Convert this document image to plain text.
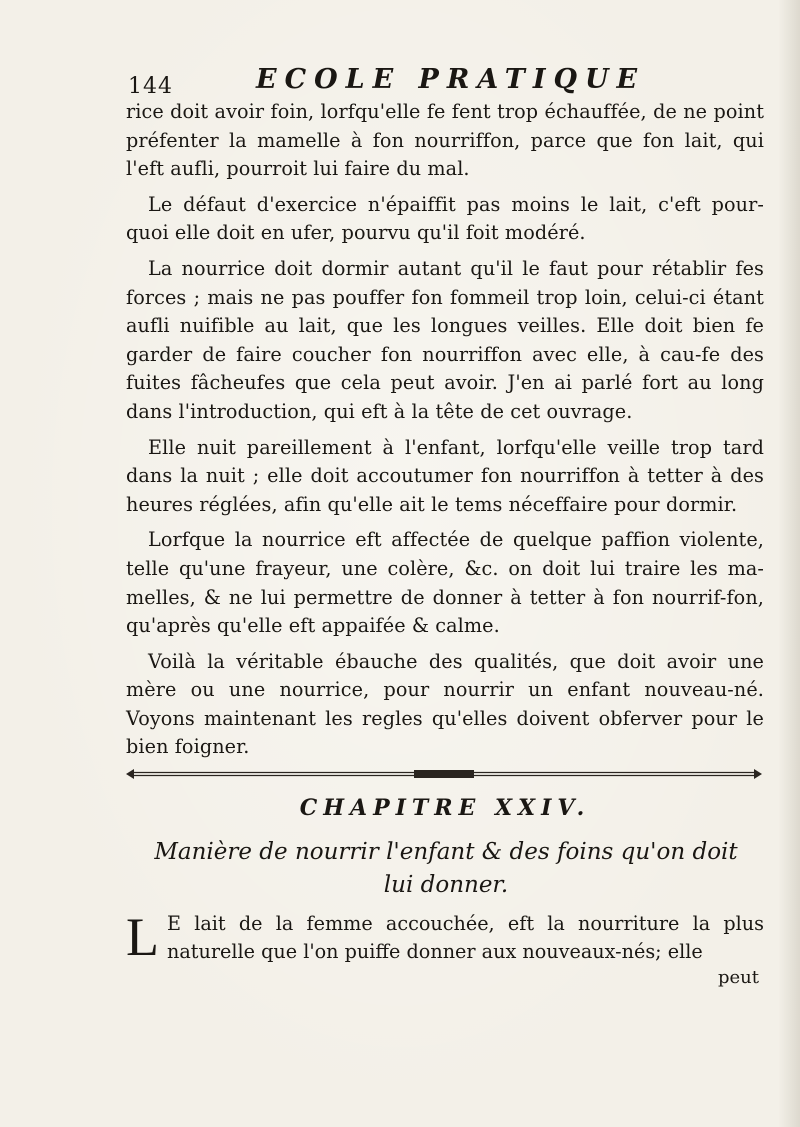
144	ECOLE PRATIQUE

rice doit avoir foin, lorfqu'elle fe fent trop échauffée, de ne point préfenter la mamelle à fon nourriffon, parce que fon lait, qui l'eft aufli, pourroit lui faire du mal.

Le défaut d'exercice n'épaiffit pas moins le lait, c'eft pour-quoi elle doit en ufer, pourvu qu'il foit modéré.

La nourrice doit dormir autant qu'il le faut pour rétablir fes forces ; mais ne pas pouffer fon fommeil trop loin, celui-ci étant aufli nuifible au lait, que les longues veilles. Elle doit bien fe garder de faire coucher fon nourriffon avec elle, à cau-fe des fuites fâcheufes que cela peut avoir. J'en ai parlé fort au long dans l'introduction, qui eft à la tête de cet ouvrage.

Elle nuit pareillement à l'enfant, lorfqu'elle veille trop tard dans la nuit ; elle doit accoutumer fon nourriffon à tetter à des heures réglées, afin qu'elle ait le tems néceffaire pour dormir.

Lorfque la nourrice eft affectée de quelque paffion violente, telle qu'une frayeur, une colère, &c. on doit lui traire les ma-melles, & ne lui permettre de donner à tetter à fon nourrif-fon, qu'après qu'elle eft appaifée & calme.

Voilà la véritable ébauche des qualités, que doit avoir une mère ou une nourrice, pour nourrir un enfant nouveau-né. Voyons maintenant les regles qu'elles doivent obferver pour le bien foigner.

CHAPITRE XXIV.
Manière de nourrir l'enfant & des foins qu'on doit
lui donner.
L E lait de la femme accouchée, eft la nourriture la plus naturelle que l'on puiffe donner aux nouveaux-nés; elle

peut
